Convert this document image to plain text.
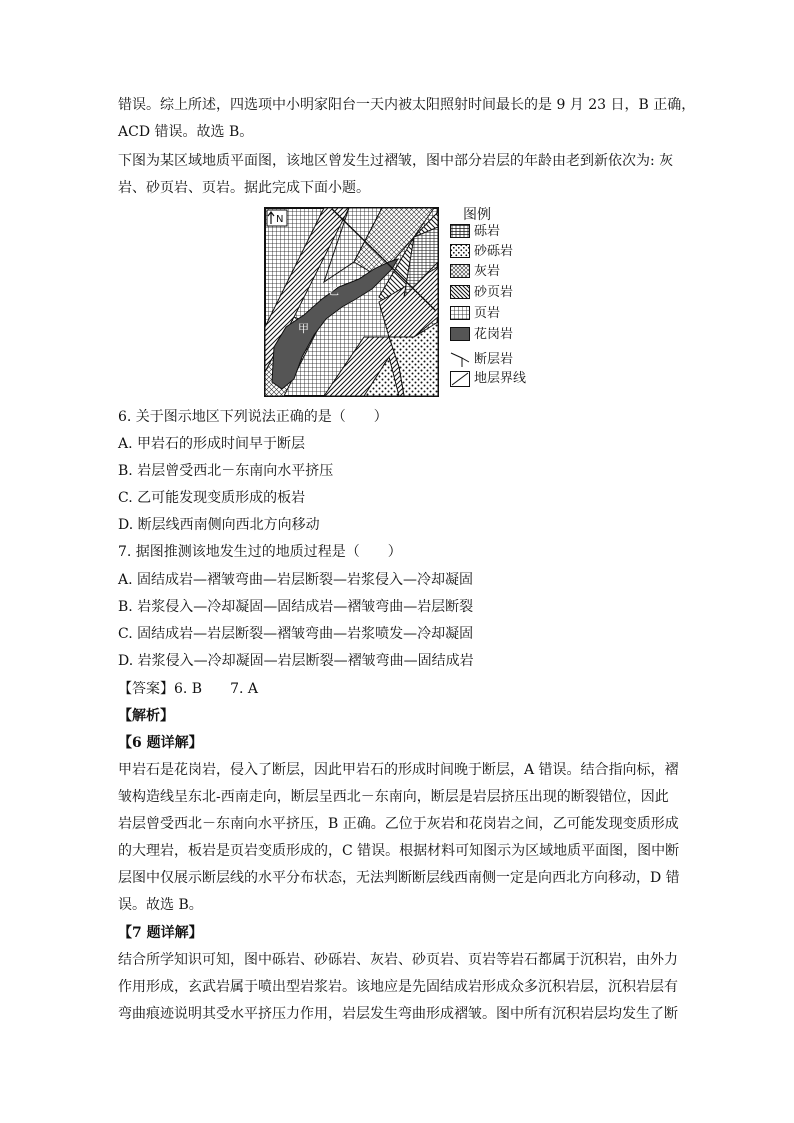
错误。综上所述，四选项中小明家阳台一天内被太阳照射时间最长的是 9 月 23 日，B 正确，
ACD 错误。故选 B。
下图为某区域地质平面图，该地区曾发生过褶皱，图中部分岩层的年龄由老到新依次为: 灰
岩、砂页岩、页岩。据此完成下面小题。
N
甲
乙
图例
砾岩
砂砾岩
灰岩
砂页岩
页岩
花岗岩
断层岩
地层界线
6. 关于图示地区下列说法正确的是（　　）
A. 甲岩石的形成时间早于断层
B. 岩层曾受西北－东南向水平挤压
C. 乙可能发现变质形成的板岩
D. 断层线西南侧向西北方向移动
7. 据图推测该地发生过的地质过程是（　　）
A. 固结成岩—褶皱弯曲—岩层断裂—岩浆侵入—冷却凝固
B. 岩浆侵入—冷却凝固—固结成岩—褶皱弯曲—岩层断裂
C. 固结成岩—岩层断裂—褶皱弯曲—岩浆喷发—冷却凝固
D. 岩浆侵入—冷却凝固—岩层断裂—褶皱弯曲—固结成岩
【答案】6. B　　7. A
【解析】
【6 题详解】
甲岩石是花岗岩，侵入了断层，因此甲岩石的形成时间晚于断层，A 错误。结合指向标，褶
皱构造线呈东北-西南走向，断层呈西北－东南向，断层是岩层挤压出现的断裂错位，因此
岩层曾受西北－东南向水平挤压，B 正确。乙位于灰岩和花岗岩之间，乙可能发现变质形成
的大理岩，板岩是页岩变质形成的，C 错误。根据材料可知图示为区域地质平面图，图中断
层图中仅展示断层线的水平分布状态，无法判断断层线西南侧一定是向西北方向移动，D 错
误。故选 B。
【7 题详解】
结合所学知识可知，图中砾岩、砂砾岩、灰岩、砂页岩、页岩等岩石都属于沉积岩，由外力
作用形成，玄武岩属于喷出型岩浆岩。该地应是先固结成岩形成众多沉积岩层，沉积岩层有
弯曲痕迹说明其受水平挤压力作用，岩层发生弯曲形成褶皱。图中所有沉积岩层均发生了断
